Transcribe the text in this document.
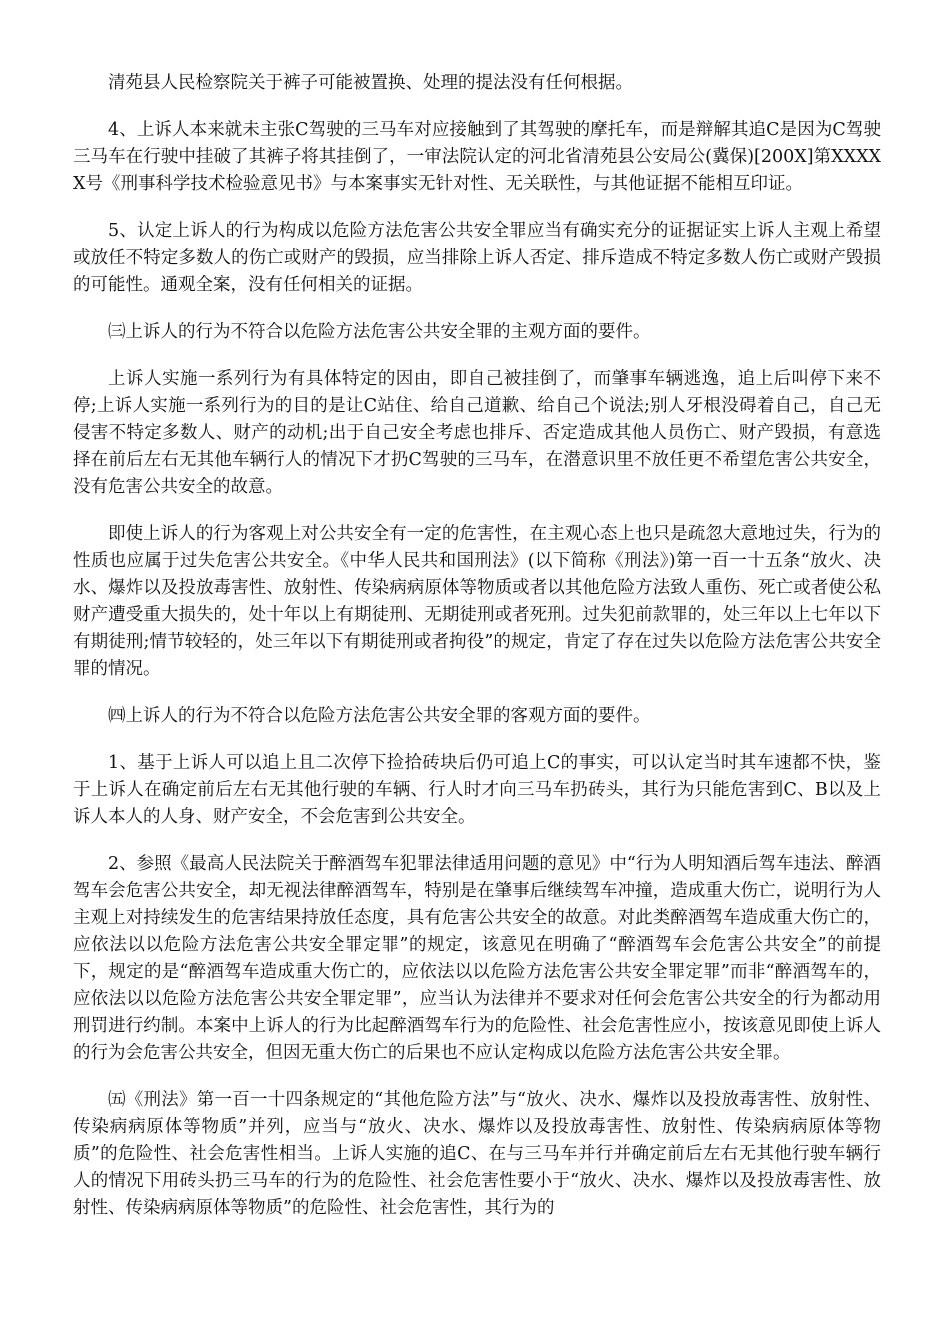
清苑县人民检察院关于裤子可能被置换、处理的提法没有任何根据。

4、上诉人本来就未主张C驾驶的三马车对应接触到了其驾驶的摩托车，而是辩解其追C是因为C驾驶三马车在行驶中挂破了其裤子将其挂倒了，一审法院认定的河北省清苑县公安局公(冀保)[200X]第XXXXX号《刑事科学技术检验意见书》与本案事实无针对性、无关联性，与其他证据不能相互印证。

5、认定上诉人的行为构成以危险方法危害公共安全罪应当有确实充分的证据证实上诉人主观上希望或放任不特定多数人的伤亡或财产的毁损，应当排除上诉人否定、排斥造成不特定多数人伤亡或财产毁损的可能性。通观全案，没有任何相关的证据。

㈢上诉人的行为不符合以危险方法危害公共安全罪的主观方面的要件。

上诉人实施一系列行为有具体特定的因由，即自己被挂倒了，而肇事车辆逃逸，追上后叫停下来不停;上诉人实施一系列行为的目的是让C站住、给自己道歉、给自己个说法;别人牙根没碍着自己，自己无侵害不特定多数人、财产的动机;出于自己安全考虑也排斥、否定造成其他人员伤亡、财产毁损，有意选择在前后左右无其他车辆行人的情况下才扔C驾驶的三马车，在潜意识里不放任更不希望危害公共安全，没有危害公共安全的故意。

即使上诉人的行为客观上对公共安全有一定的危害性，在主观心态上也只是疏忽大意地过失，行为的性质也应属于过失危害公共安全。《中华人民共和国刑法》(以下简称《刑法》)第一百一十五条“放火、决水、爆炸以及投放毒害性、放射性、传染病病原体等物质或者以其他危险方法致人重伤、死亡或者使公私财产遭受重大损失的，处十年以上有期徒刑、无期徒刑或者死刑。过失犯前款罪的，处三年以上七年以下有期徒刑;情节较轻的，处三年以下有期徒刑或者拘役”的规定，肯定了存在过失以危险方法危害公共安全罪的情况。

㈣上诉人的行为不符合以危险方法危害公共安全罪的客观方面的要件。

1、基于上诉人可以追上且二次停下捡拾砖块后仍可追上C的事实，可以认定当时其车速都不快，鉴于上诉人在确定前后左右无其他行驶的车辆、行人时才向三马车扔砖头，其行为只能危害到C、B以及上诉人本人的人身、财产安全，不会危害到公共安全。

2、参照《最高人民法院关于醉酒驾车犯罪法律适用问题的意见》中“行为人明知酒后驾车违法、醉酒驾车会危害公共安全，却无视法律醉酒驾车，特别是在肇事后继续驾车冲撞，造成重大伤亡，说明行为人主观上对持续发生的危害结果持放任态度，具有危害公共安全的故意。对此类醉酒驾车造成重大伤亡的，应依法以以危险方法危害公共安全罪定罪”的规定，该意见在明确了“醉酒驾车会危害公共安全”的前提下，规定的是“醉酒驾车造成重大伤亡的，应依法以以危险方法危害公共安全罪定罪”而非“醉酒驾车的，应依法以以危险方法危害公共安全罪定罪”，应当认为法律并不要求对任何会危害公共安全的行为都动用刑罚进行约制。本案中上诉人的行为比起醉酒驾车行为的危险性、社会危害性应小，按该意见即使上诉人的行为会危害公共安全，但因无重大伤亡的后果也不应认定构成以危险方法危害公共安全罪。

㈤《刑法》第一百一十四条规定的“其他危险方法”与“放火、决水、爆炸以及投放毒害性、放射性、传染病病原体等物质”并列，应当与“放火、决水、爆炸以及投放毒害性、放射性、传染病病原体等物质”的危险性、社会危害性相当。上诉人实施的追C、在与三马车并行并确定前后左右无其他行驶车辆行人的情况下用砖头扔三马车的行为的危险性、社会危害性要小于“放火、决水、爆炸以及投放毒害性、放射性、传染病病原体等物质”的危险性、社会危害性，其行为的
